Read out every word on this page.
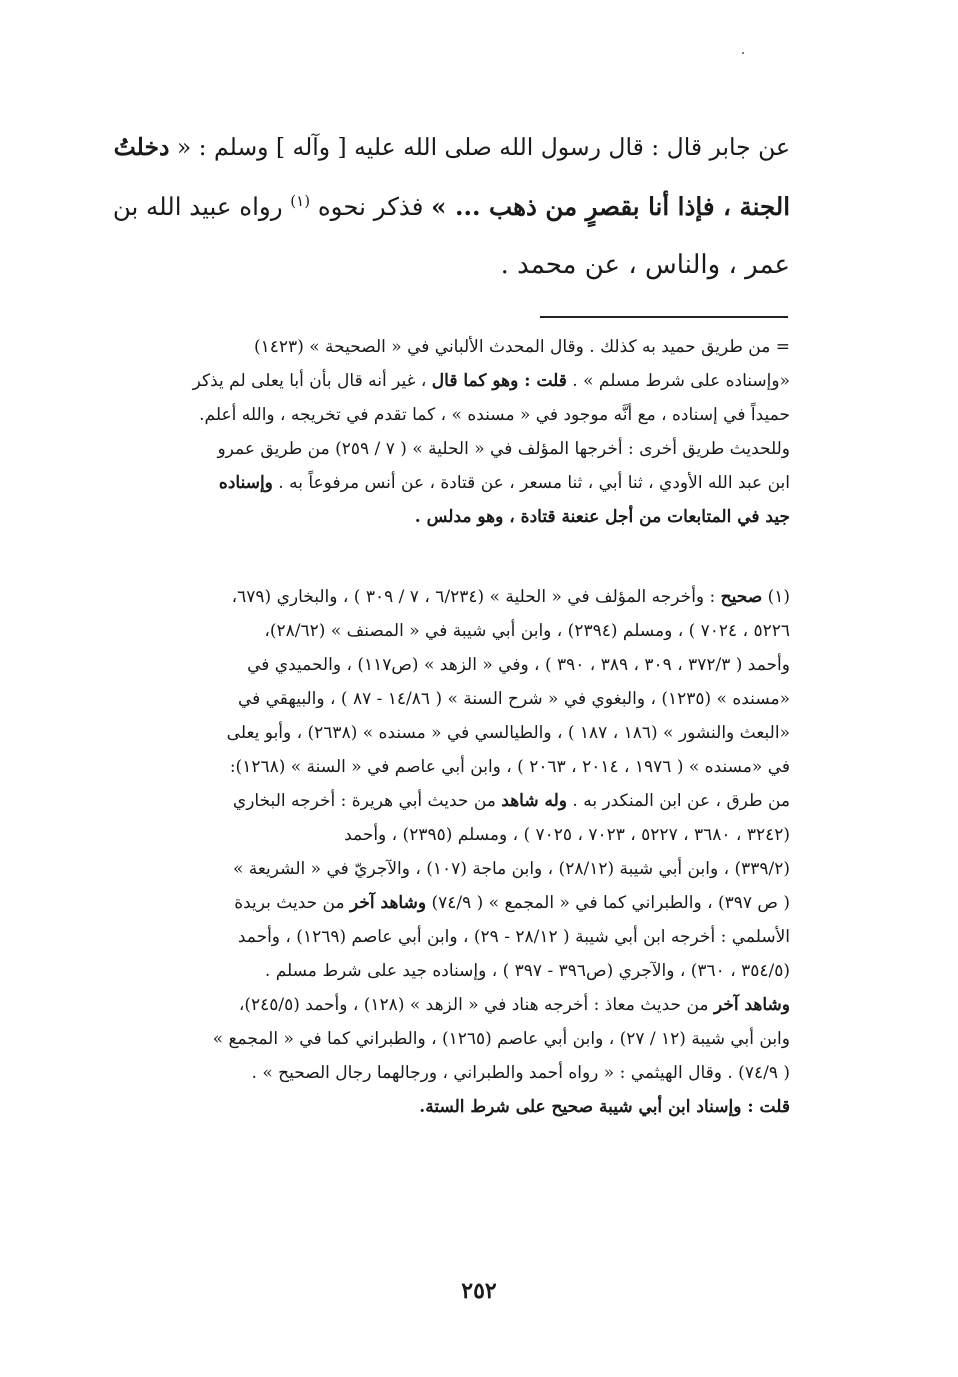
عن جابر قال : قال رسول الله صلى الله عليه [ وآله ] وسلم : « دخلتُ
الجنة ، فإذا أنا بقصرٍ من ذهب ... » فذكر نحوه $^{(١)}$ رواه عبيد الله بن
عمر ، والناس ، عن محمد .
= من طريق حميد به كذلك . وقال المحدث الألباني في « الصحيحة » (١٤٢٣)
«وإسناده على شرط مسلم » . قلت : وهو كما قال ، غير أنه قال بأن أبا يعلى لم يذكر
حميداً في إسناده ، مع أنَّه موجود في « مسنده » ، كما تقدم في تخريجه ، والله أعلم.
وللحديث طريق أخرى : أخرجها المؤلف في « الحلية » ( ٧ / ٢٥٩) من طريق عمرو
ابن عبد الله الأودي ، ثنا أبي ، ثنا مسعر ، عن قتادة ، عن أنس مرفوعاً به . وإسناده
جيد في المتابعات من أجل عنعنة قتادة ، وهو مدلس .
(١) صحيح : وأخرجه المؤلف في « الحلية » (٦/٢٣٤ ، ٧ / ٣٠٩ ) ، والبخاري (٦٧٩،
٥٢٢٦ ، ٧٠٢٤ ) ، ومسلم (٢٣٩٤) ، وابن أبي شيبة في « المصنف » (٢٨/٦٢)،
وأحمد ( ٣٧٢/٣ ، ٣٠٩ ، ٣٨٩ ، ٣٩٠ ) ، وفي « الزهد » (ص١١٧) ، والحميدي في
«مسنده » (١٢٣٥) ، والبغوي في « شرح السنة » ( ١٤/٨٦ - ٨٧ ) ، والبيهقي في
«البعث والنشور » (١٨٦ ، ١٨٧ ) ، والطيالسي في « مسنده » (٢٦٣٨) ، وأبو يعلى
في «مسنده » ( ١٩٧٦ ، ٢٠١٤ ، ٢٠٦٣ ) ، وابن أبي عاصم في « السنة » (١٢٦٨):
من طرق ، عن ابن المنكدر به . وله شاهد من حديث أبي هريرة : أخرجه البخاري
(٣٢٤٢ ، ٣٦٨٠ ، ٥٢٢٧ ، ٧٠٢٣ ، ٧٠٢٥ ) ، ومسلم (٢٣٩٥) ، وأحمد
(٣٣٩/٢) ، وابن أبي شيبة (٢٨/١٢) ، وابن ماجة (١٠٧) ، والآجريّ في « الشريعة »
( ص ٣٩٧) ، والطبراني كما في « المجمع » ( ٧٤/٩) وشاهد آخر من حديث بريدة
الأسلمي : أخرجه ابن أبي شيبة ( ٢٨/١٢ - ٢٩) ، وابن أبي عاصم (١٢٦٩) ، وأحمد
(٣٥٤/٥ ، ٣٦٠) ، والآجري (ص٣٩٦ - ٣٩٧ ) ، وإسناده جيد على شرط مسلم .
وشاهد آخر من حديث معاذ : أخرجه هناد في « الزهد » (١٢٨) ، وأحمد (٢٤٥/٥)،
وابن أبي شيبة (١٢ / ٢٧) ، وابن أبي عاصم (١٢٦٥) ، والطبراني كما في « المجمع »
( ٧٤/٩) . وقال الهيثمي : « رواه أحمد والطبراني ، ورجالهما رجال الصحيح » .
قلت : وإسناد ابن أبي شيبة صحيح على شرط الستة.
٢٥٢
